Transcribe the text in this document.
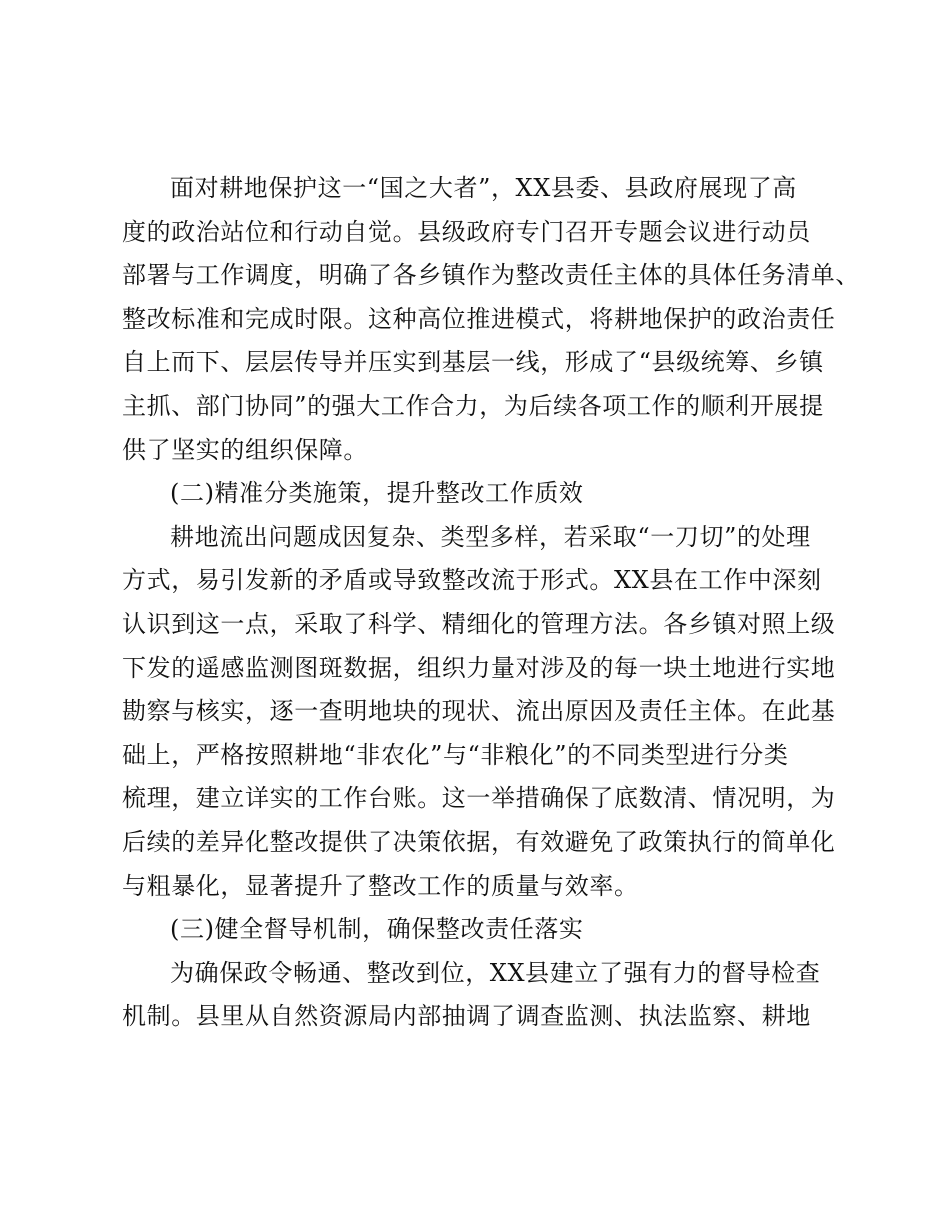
面对耕地保护这一“国之大者”，XX县委、县政府展现了高
度的政治站位和行动自觉。县级政府专门召开专题会议进行动员
部署与工作调度，明确了各乡镇作为整改责任主体的具体任务清单、
整改标准和完成时限。这种高位推进模式，将耕地保护的政治责任
自上而下、层层传导并压实到基层一线，形成了“县级统筹、乡镇
主抓、部门协同”的强大工作合力，为后续各项工作的顺利开展提
供了坚实的组织保障。
(二)精准分类施策，提升整改工作质效
耕地流出问题成因复杂、类型多样，若采取“一刀切”的处理
方式，易引发新的矛盾或导致整改流于形式。XX县在工作中深刻
认识到这一点，采取了科学、精细化的管理方法。各乡镇对照上级
下发的遥感监测图斑数据，组织力量对涉及的每一块土地进行实地
勘察与核实，逐一查明地块的现状、流出原因及责任主体。在此基
础上，严格按照耕地“非农化”与“非粮化”的不同类型进行分类
梳理，建立详实的工作台账。这一举措确保了底数清、情况明，为
后续的差异化整改提供了决策依据，有效避免了政策执行的简单化
与粗暴化，显著提升了整改工作的质量与效率。
(三)健全督导机制，确保整改责任落实
为确保政令畅通、整改到位，XX县建立了强有力的督导检查
机制。县里从自然资源局内部抽调了调查监测、执法监察、耕地
